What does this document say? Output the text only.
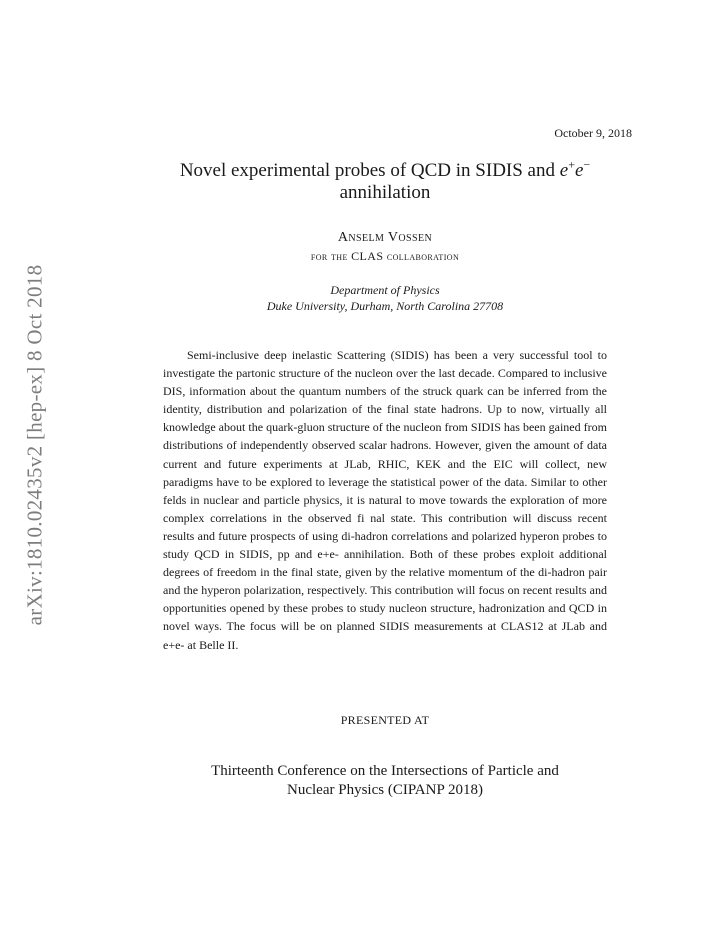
arXiv:1810.02435v2 [hep-ex] 8 Oct 2018
October 9, 2018
Novel experimental probes of QCD in SIDIS and e+e−
annihilation
Anselm Vossen
for the CLAS collaboration
Department of Physics
Duke University, Durham, North Carolina 27708

Semi-inclusive deep inelastic Scattering (SIDIS) has been a very successful tool to investigate the partonic structure of the nucleon over the last decade. Compared to inclusive DIS, information about the quantum numbers of the struck quark can be inferred from the identity, distribution and polarization of the final state hadrons. Up to now, virtually all knowledge about the quark-gluon structure of the nucleon from SIDIS has been gained from distributions of independently observed scalar hadrons. However, given the amount of data current and future experiments at JLab, RHIC, KEK and the EIC will collect, new paradigms have to be explored to leverage the statistical power of the data. Similar to other felds in nuclear and particle physics, it is natural to move towards the exploration of more complex correlations in the observed fi nal state. This contribution will discuss recent results and future prospects of using di-hadron correlations and polarized hyperon probes to study QCD in SIDIS, pp and e+e- annihilation. Both of these probes exploit additional degrees of freedom in the final state, given by the relative momentum of the di-hadron pair and the hyperon polarization, respectively. This contribution will focus on recent results and opportunities opened by these probes to study nucleon structure, hadronization and QCD in novel ways. The focus will be on planned SIDIS measurements at CLAS12 at JLab and e+e- at Belle II.

PRESENTED AT
Thirteenth Conference on the Intersections of Particle and
Nuclear Physics (CIPANP 2018)
